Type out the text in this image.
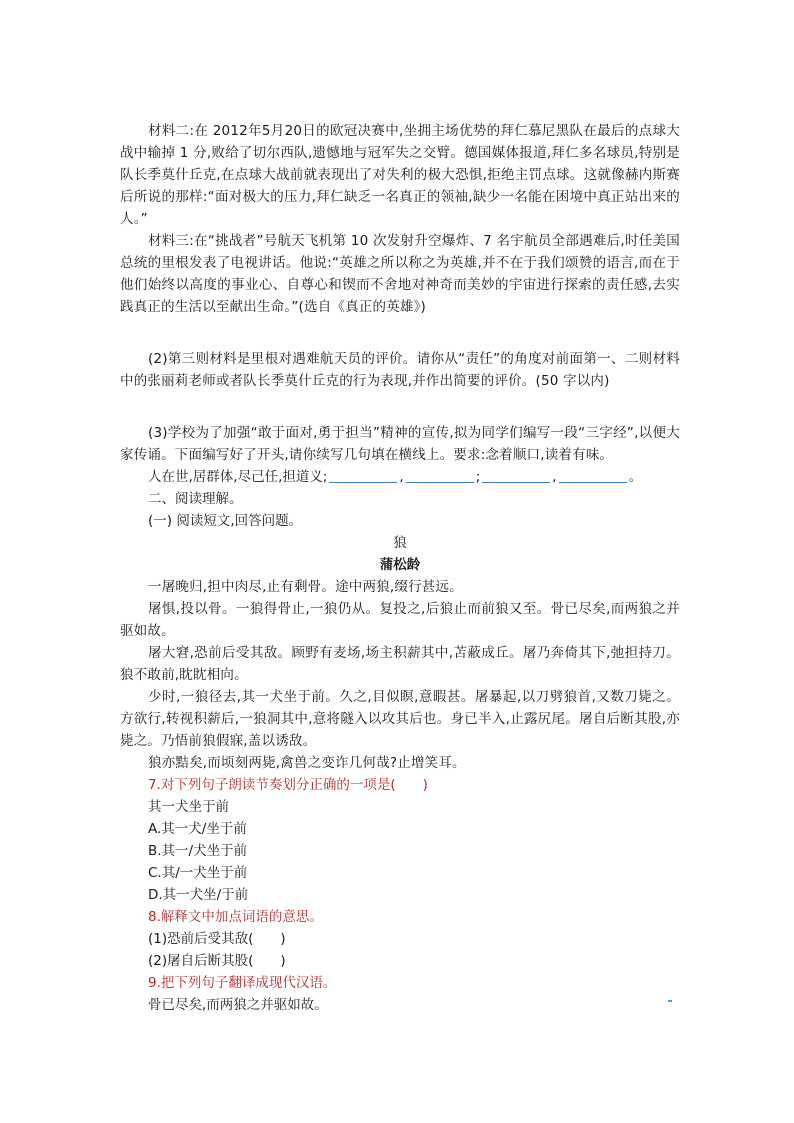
材料二:在 2012年5月20日的欧冠决赛中,坐拥主场优势的拜仁慕尼黑队在最后的点球大战中输掉 1 分,败给了切尔西队,遗憾地与冠军失之交臂。德国媒体报道,拜仁多名球员,特别是队长季莫什丘克,在点球大战前就表现出了对失利的极大恐惧,拒绝主罚点球。这就像赫内斯赛后所说的那样:“面对极大的压力,拜仁缺乏一名真正的领袖,缺少一名能在困境中真正站出来的人。”

材料三:在“挑战者”号航天飞机第 10 次发射升空爆炸、7 名宇航员全部遇难后,时任美国总统的里根发表了电视讲话。他说:“英雄之所以称之为英雄,并不在于我们颂赞的语言,而在于他们始终以高度的事业心、自尊心和锲而不舍地对神奇而美妙的宇宙进行探索的责任感,去实践真正的生活以至献出生命。”(选自《真正的英雄》)

(2)第三则材料是里根对遇难航天员的评价。请你从“责任”的角度对前面第一、二则材料中的张丽莉老师或者队长季莫什丘克的行为表现,并作出简要的评价。(50 字以内)

(3)学校为了加强“敢于面对,勇于担当”精神的宣传,拟为同学们编写一段“三字经”,以便大家传诵。下面编写好了开头,请你续写几句填在横线上。要求:念着顺口,读着有味。

人在世,居群体,尽己任,担道义;	,	;	,	。

二、阅读理解。

(一) 阅读短文,回答问题。

狼

蒲松龄

一屠晚归,担中肉尽,止有剩骨。途中两狼,缀行甚远。

屠惧,投以骨。一狼得骨止,一狼仍从。复投之,后狼止而前狼又至。骨已尽矣,而两狼之并驱如故。

屠大窘,恐前后受其敌。顾野有麦场,场主积薪其中,苫蔽成丘。屠乃奔倚其下,弛担持刀。狼不敢前,眈眈相向。

少时,一狼径去,其一犬坐于前。久之,目似瞑,意暇甚。屠暴起,以刀劈狼首,又数刀毙之。方欲行,转视积薪后,一狼洞其中,意将隧入以攻其后也。身已半入,止露尻尾。屠自后断其股,亦毙之。乃悟前狼假寐,盖以诱敌。

狼亦黠矣,而顷刻两毙,禽兽之变诈几何哉?止增笑耳。

7.对下列句子朗读节奏划分正确的一项是(　　)

其一犬坐于前

A.其一犬/坐于前

B.其一/犬坐于前

C.其/一犬坐于前

D.其一犬坐/于前

8.解释文中加点词语的意思。

(1)恐前后受其敌(　　)

(2)屠自后断其股(　　)

9.把下列句子翻译成现代汉语。

骨已尽矣,而两狼之并驱如故。
